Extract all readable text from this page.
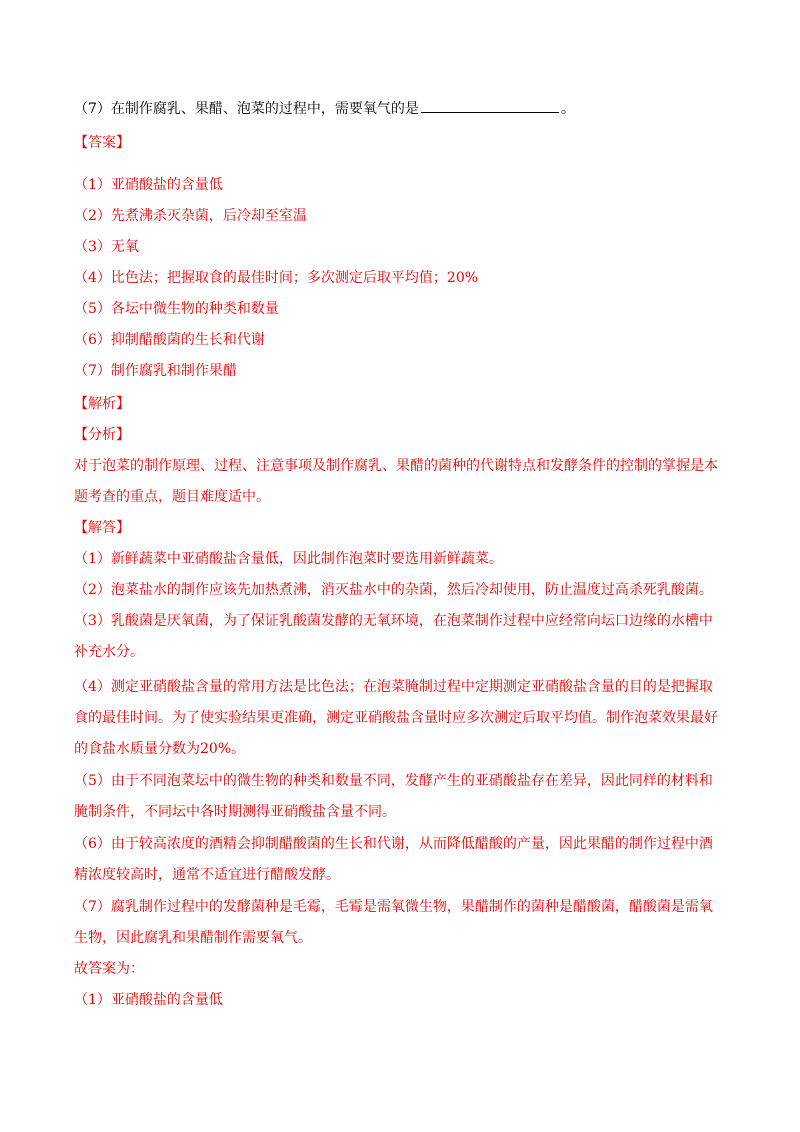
（7）在制作腐乳、果醋、泡菜的过程中，需要氧气的是	。
【答案】
（1）亚硝酸盐的含量低
（2）先煮沸杀灭杂菌，后冷却至室温
（3）无氧
（4）比色法；把握取食的最佳时间；多次测定后取平均值；20%
（5）各坛中微生物的种类和数量
（6）抑制醋酸菌的生长和代谢
（7）制作腐乳和制作果醋
【解析】
【分析】
对于泡菜的制作原理、过程、注意事项及制作腐乳、果醋的菌种的代谢特点和发酵条件的控制的掌握是本
题考查的重点，题目难度适中。
【解答】
（1）新鲜蔬菜中亚硝酸盐含量低，因此制作泡菜时要选用新鲜蔬菜。
（2）泡菜盐水的制作应该先加热煮沸，消灭盐水中的杂菌，然后冷却使用，防止温度过高杀死乳酸菌。
（3）乳酸菌是厌氧菌，为了保证乳酸菌发酵的无氧环境，在泡菜制作过程中应经常向坛口边缘的水槽中
补充水分。
（4）测定亚硝酸盐含量的常用方法是比色法；在泡菜腌制过程中定期测定亚硝酸盐含量的目的是把握取
食的最佳时间。为了使实验结果更准确，测定亚硝酸盐含量时应多次测定后取平均值。制作泡菜效果最好
的食盐水质量分数为20%。
（5）由于不同泡菜坛中的微生物的种类和数量不同，发酵产生的亚硝酸盐存在差异，因此同样的材料和
腌制条件，不同坛中各时期测得亚硝酸盐含量不同。
（6）由于较高浓度的酒精会抑制醋酸菌的生长和代谢，从而降低醋酸的产量，因此果醋的制作过程中酒
精浓度较高时，通常不适宜进行醋酸发酵。
（7）腐乳制作过程中的发酵菌种是毛霉，毛霉是需氧微生物，果醋制作的菌种是醋酸菌，醋酸菌是需氧
生物，因此腐乳和果醋制作需要氧气。
故答案为：
（1）亚硝酸盐的含量低
